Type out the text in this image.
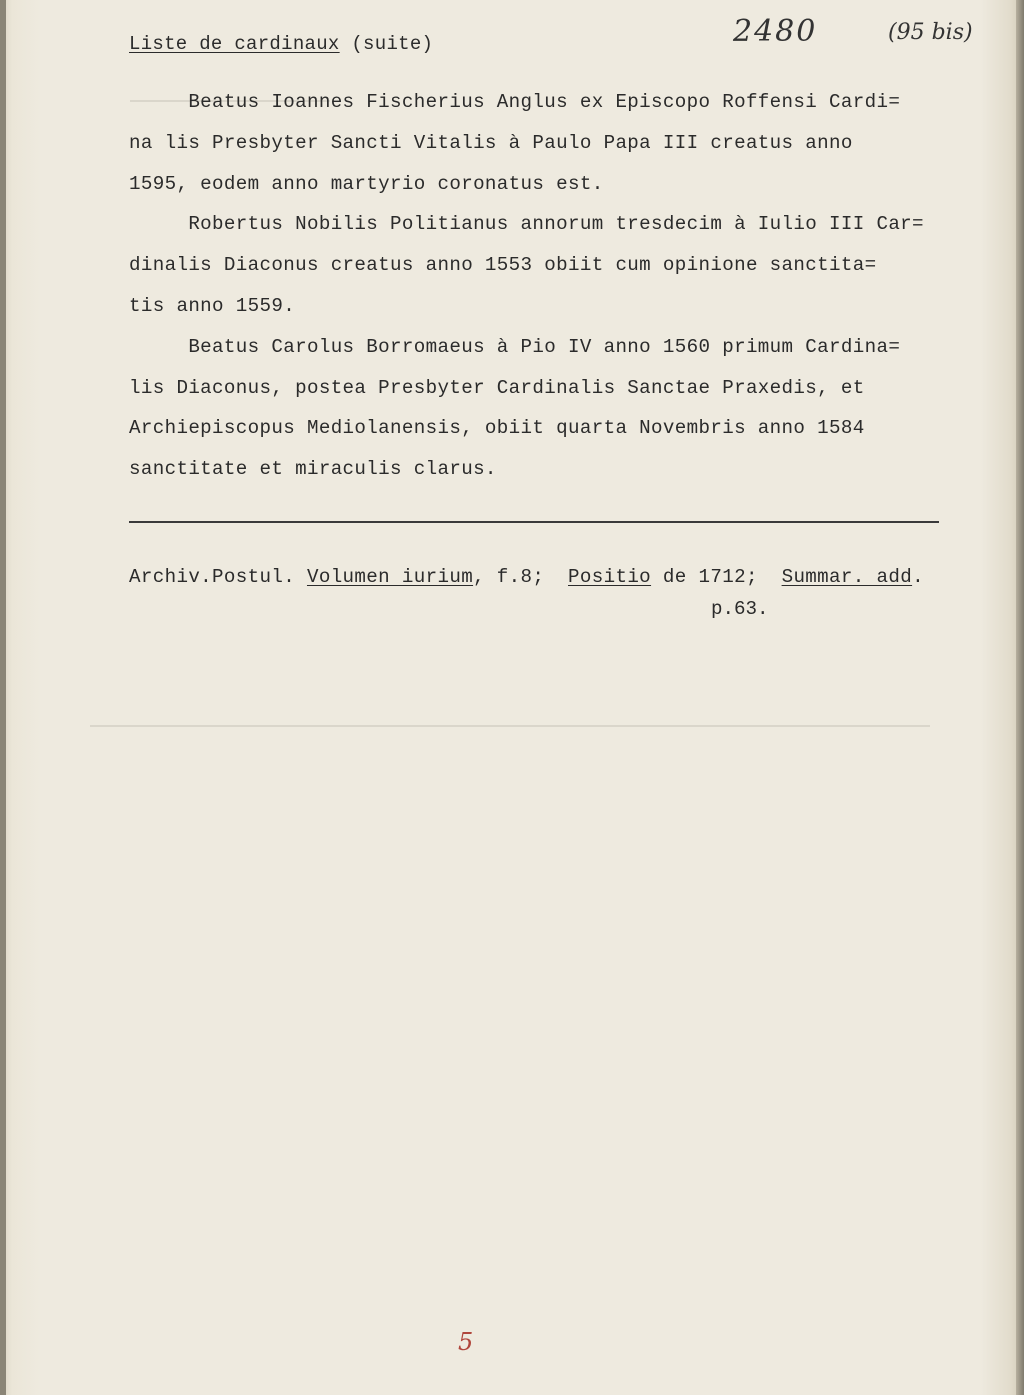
Liste de cardinaux (suite)	2480	(95 bis)

Beatus Ioannes Fischerius Anglus ex Episcopo Roffensi Cardi=
na lis Presbyter Sancti Vitalis à Paulo Papa III creatus anno
1595, eodem anno martyrio coronatus est.

Robertus Nobilis Politianus annorum tresdecim à Iulio III Car=
dinalis Diaconus creatus anno 1553 obiit cum opinione sanctita=
tis anno 1559.

Beatus Carolus Borromaeus à Pio IV anno 1560 primum Cardina=
lis Diaconus, postea Presbyter Cardinalis Sanctae Praxedis, et
Archiepiscopus Mediolanensis, obiit quarta Novembris anno 1584
sanctitate et miraculis clarus.

Archiv.Postul. Volumen iurium, f.8;  Positio de 1712;  Summar. add.
p.63.
5
